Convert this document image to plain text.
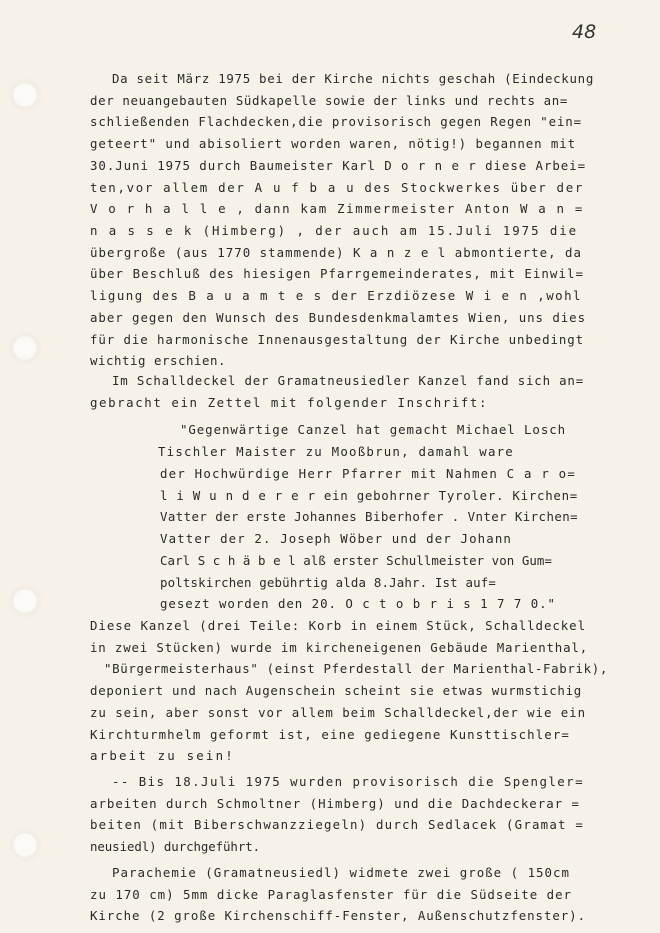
48
Da seit März 1975 bei der Kirche nichts geschah (Eindeckung
der neuangebauten Südkapelle sowie der links und rechts an=
schließenden Flachdecken,die provisorisch gegen Regen "ein=
geteert" und abisoliert worden waren, nötig!) begannen mit
30.Juni 1975 durch Baumeister Karl D o r n e r diese Arbei=
ten,vor allem der A u f b a u des Stockwerkes über der
V o r h a l l e , dann kam Zimmermeister Anton W a n =
n a s s e k (Himberg) , der auch am 15.Juli 1975 die
übergroße (aus 1770 stammende) K a n z e l abmontierte, da
über Beschluß des hiesigen Pfarrgemeinderates, mit Einwil=
ligung des B a u a m t e s der Erzdiözese W i e n ,wohl
aber gegen den Wunsch des Bundesdenkmalamtes Wien, uns dies
für die harmonische Innenausgestaltung der Kirche unbedingt
wichtig erschien.
Im Schalldeckel der Gramatneusiedler Kanzel fand sich an=
gebracht ein Zettel mit folgender Inschrift:
"Gegenwärtige Canzel hat gemacht Michael Losch
Tischler Maister zu Mooßbrun, damahl ware
der Hochwürdige Herr Pfarrer mit Nahmen C a r o=
l i W u n d e r e r ein gebohrner Tyroler. Kirchen=
Vatter der erste Johannes Biberhofer . Vnter Kirchen=
Vatter der 2. Joseph Wöber und der Johann
Carl S c h ä b e l alß erster Schullmeister von Gum=
poltskirchen gebührtig alda 8.Jahr. Ist auf=
gesezt worden den 20. O c t o b r i s 1 7 7 0."
Diese Kanzel (drei Teile: Korb in einem Stück, Schalldeckel
in zwei Stücken) wurde im kircheneigenen Gebäude Marienthal,
"Bürgermeisterhaus" (einst Pferdestall der Marienthal-Fabrik),
deponiert und nach Augenschein scheint sie etwas wurmstichig
zu sein, aber sonst vor allem beim Schalldeckel,der wie ein
Kirchturmhelm geformt ist, eine gediegene Kunsttischler=
arbeit zu sein!
-- Bis 18.Juli 1975 wurden provisorisch die Spengler=
arbeiten durch Schmoltner (Himberg) und die Dachdeckerar =
beiten (mit Biberschwanzziegeln) durch Sedlacek (Gramat =
neusiedl) durchgeführt.
Parachemie (Gramatneusiedl) widmete zwei große ( 150cm
zu 170 cm) 5mm dicke Paraglasfenster für die Südseite der
Kirche (2 große Kirchenschiff-Fenster, Außenschutzfenster).
